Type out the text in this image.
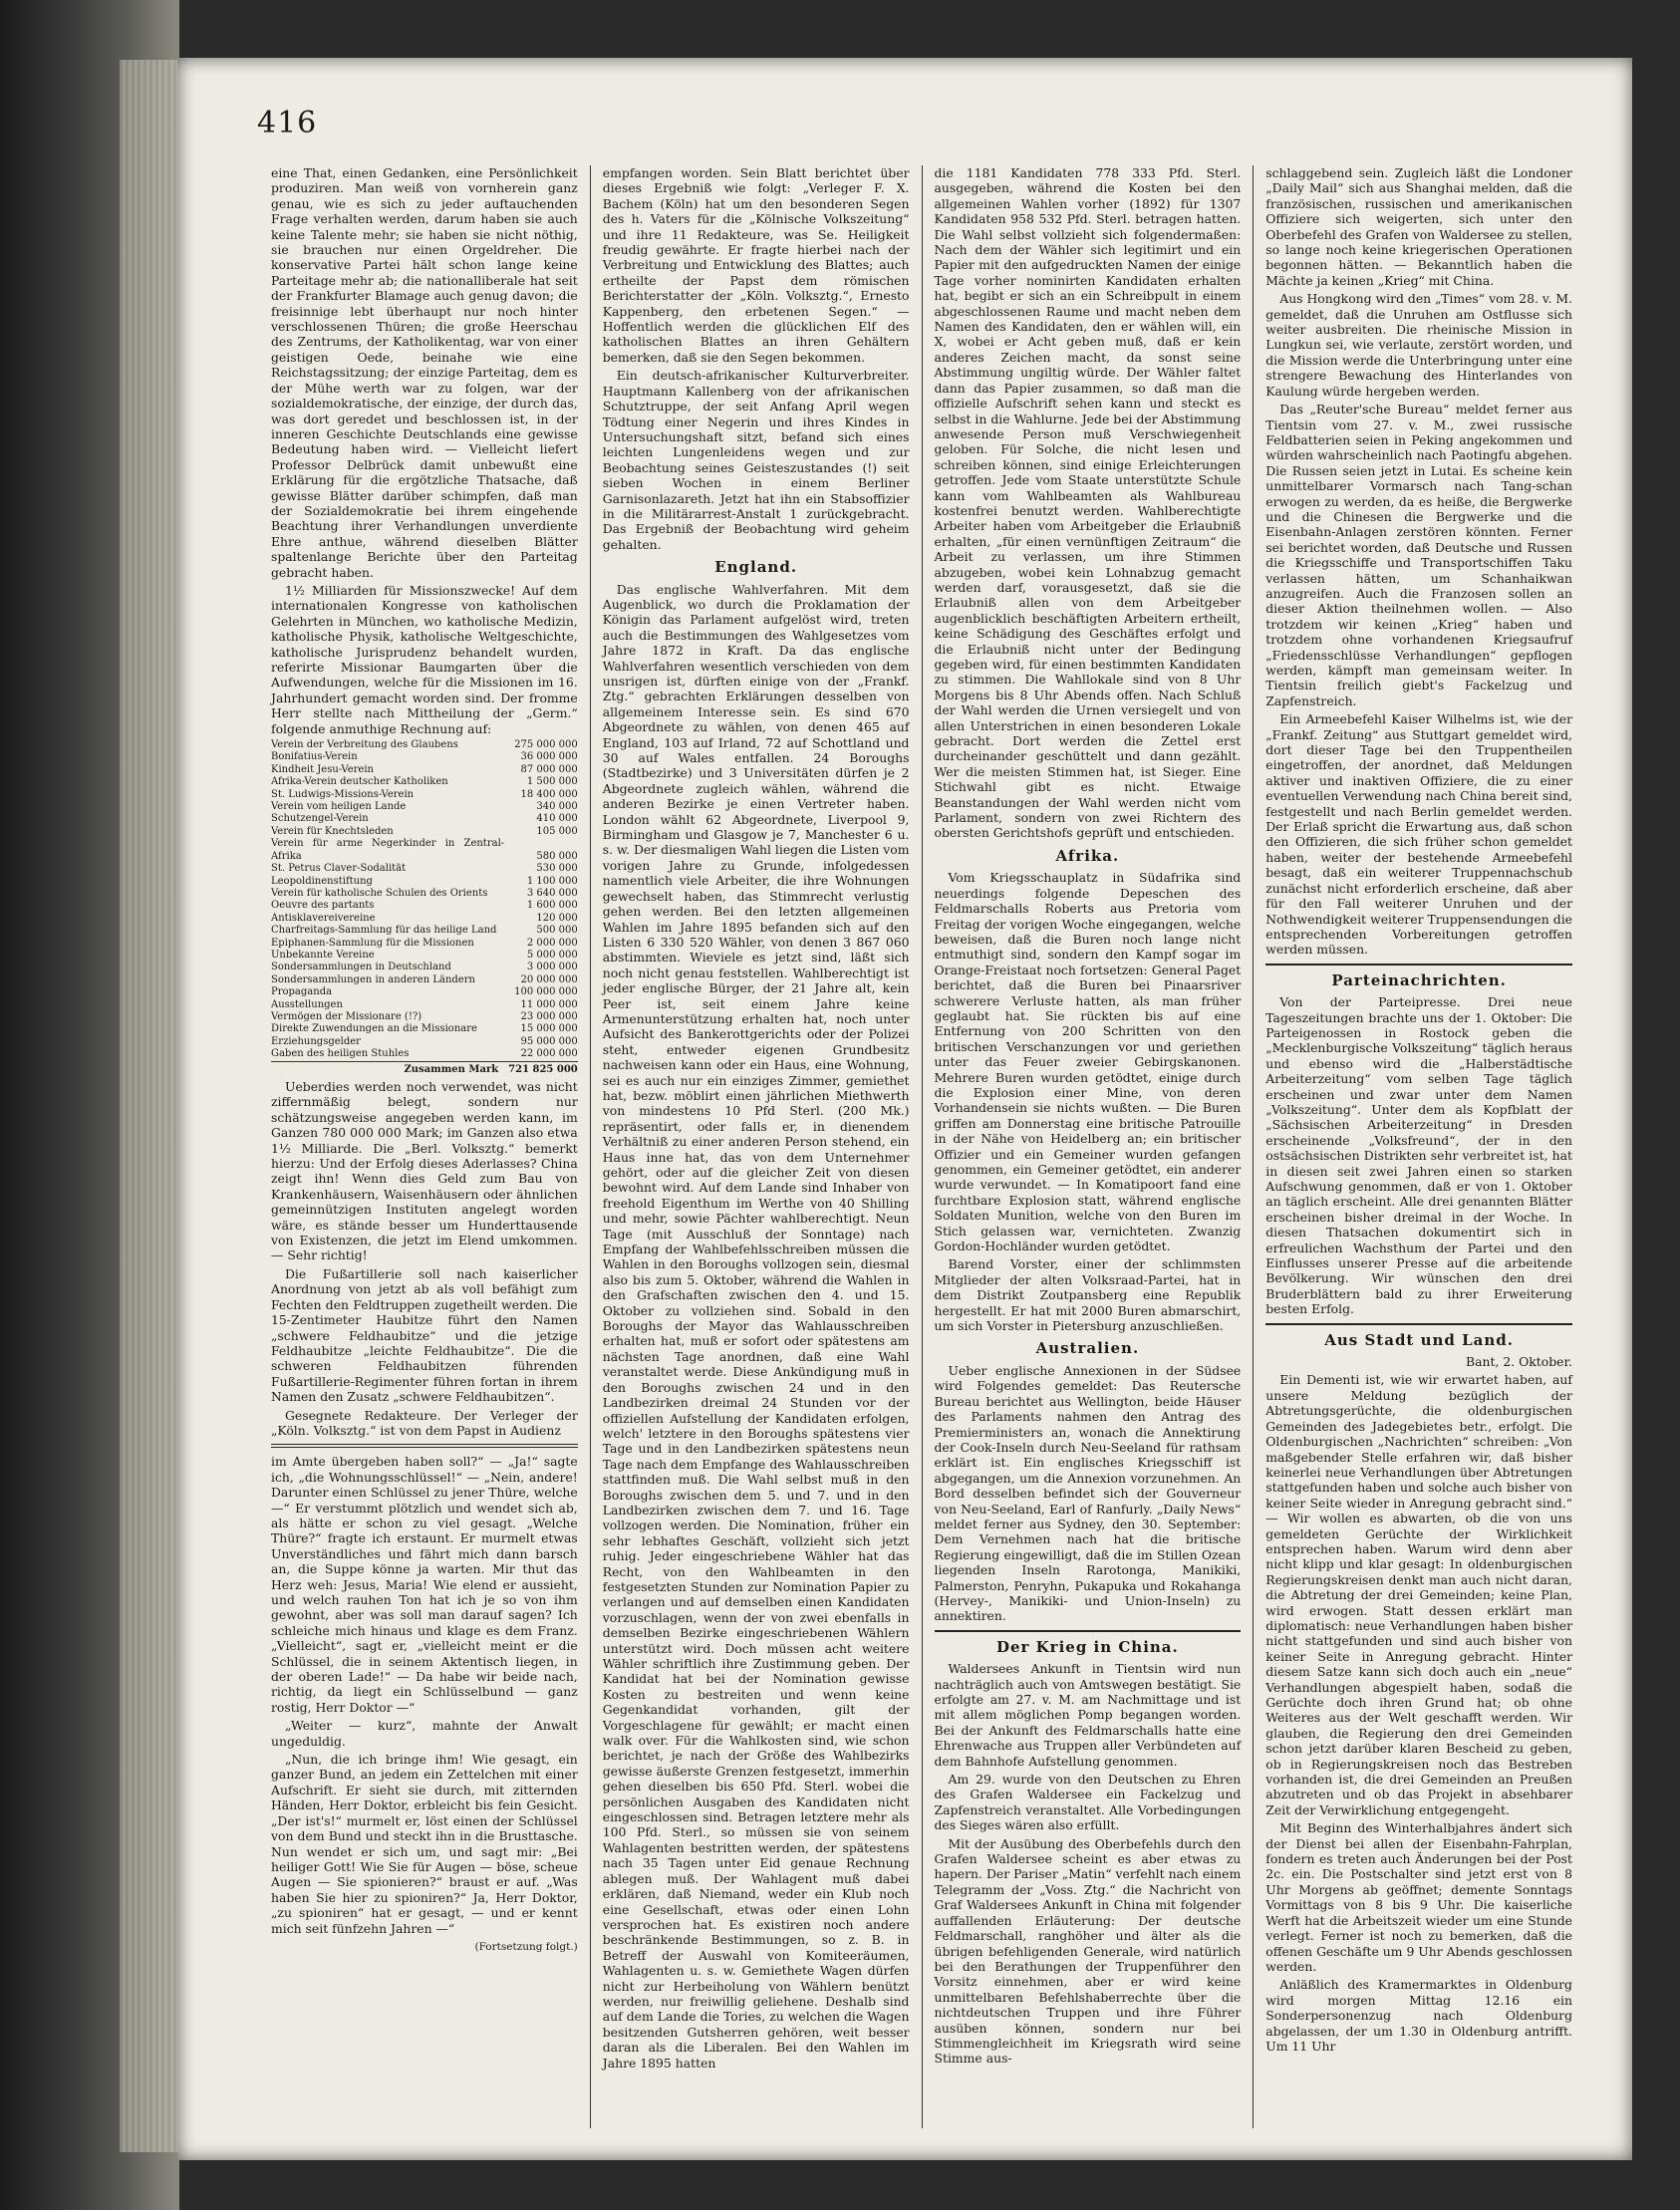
416

eine That, einen Gedanken, eine Persönlichkeit produziren. Man weiß von vornherein ganz genau, wie es sich zu jeder auftauchenden Frage verhalten werden, darum haben sie auch keine Talente mehr; sie haben sie nicht nöthig, sie brauchen nur einen Orgeldreher. Die konservative Partei hält schon lange keine Parteitage mehr ab; die nationalliberale hat seit der Frankfurter Blamage auch genug davon; die freisinnige lebt überhaupt nur noch hinter verschlossenen Thüren; die große Heerschau des Zentrums, der Katholikentag, war von einer geistigen Oede, beinahe wie eine Reichstagssitzung; der einzige Parteitag, dem es der Mühe werth war zu folgen, war der sozialdemokratische, der einzige, der durch das, was dort geredet und beschlossen ist, in der inneren Geschichte Deutschlands eine gewisse Bedeutung haben wird. — Vielleicht liefert Professor Delbrück damit unbewußt eine Erklärung für die ergötzliche Thatsache, daß gewisse Blätter darüber schimpfen, daß man der Sozialdemokratie bei ihrem eingehende Beachtung ihrer Verhandlungen unverdiente Ehre anthue, während dieselben Blätter spaltenlange Berichte über den Parteitag gebracht haben.

1½ Milliarden für Missionszwecke! Auf dem internationalen Kongresse von katholischen Gelehrten in München, wo katholische Medizin, katholische Physik, katholische Weltgeschichte, katholische Jurisprudenz behandelt wurden, referirte Missionar Baumgarten über die Aufwendungen, welche für die Missionen im 16. Jahrhundert gemacht worden sind. Der fromme Herr stellte nach Mittheilung der „Germ.“ folgende anmuthige Rechnung auf:

Verein der Verbreitung des Glaubens	275 000 000
Bonifatius-Verein	36 000 000
Kindheit Jesu-Verein	87 000 000
Afrika-Verein deutscher Katholiken	1 500 000
St. Ludwigs-Missions-Verein	18 400 000
Verein vom heiligen Lande	340 000
Schutzengel-Verein	410 000
Verein für Knechtsleden	105 000
Verein für arme Negerkinder in Zentral-Afrika	580 000
St. Petrus Claver-Sodalität	530 000
Leopoldinenstiftung	1 100 000
Verein für katholische Schulen des Orients	3 640 000
Oeuvre des partants	1 600 000
Antisklavereivereine	120 000
Charfreitags-Sammlung für das heilige Land	500 000
Epiphanen-Sammlung für die Missionen	2 000 000
Unbekannte Vereine	5 000 000
Sondersammlungen in Deutschland	3 000 000
Sondersammlungen in anderen Ländern	20 000 000
Propaganda	100 000 000
Ausstellungen	11 000 000
Vermögen der Missionare (!?)	23 000 000
Direkte Zuwendungen an die Missionare	15 000 000
Erziehungsgelder	95 000 000
Gaben des heiligen Stuhles	22 000 000
Zusammen Mark	721 825 000

Ueberdies werden noch verwendet, was nicht ziffernmäßig belegt, sondern nur schätzungsweise angegeben werden kann, im Ganzen 780 000 000 Mark; im Ganzen also etwa 1½ Milliarde. Die „Berl. Volksztg.“ bemerkt hierzu: Und der Erfolg dieses Aderlasses? China zeigt ihn! Wenn dies Geld zum Bau von Krankenhäusern, Waisenhäusern oder ähnlichen gemeinnützigen Instituten angelegt worden wäre, es stände besser um Hunderttausende von Existenzen, die jetzt im Elend umkommen. — Sehr richtig!

Die Fußartillerie soll nach kaiserlicher Anordnung von jetzt ab als voll befähigt zum Fechten den Feldtruppen zugetheilt werden. Die 15-Zentimeter Haubitze führt den Namen „schwere Feldhaubitze“ und die jetzige Feldhaubitze „leichte Feldhaubitze“. Die die schweren Feldhaubitzen führenden Fußartillerie-Regimenter führen fortan in ihrem Namen den Zusatz „schwere Feldhaubitzen“.

Gesegnete Redakteure. Der Verleger der „Köln. Volksztg.“ ist von dem Papst in Audienz

im Amte übergeben haben soll?“ — „Ja!“ sagte ich, „die Wohnungsschlüssel!“ — „Nein, andere! Darunter einen Schlüssel zu jener Thüre, welche —“ Er verstummt plötzlich und wendet sich ab, als hätte er schon zu viel gesagt. „Welche Thüre?“ fragte ich erstaunt. Er murmelt etwas Unverständliches und fährt mich dann barsch an, die Suppe könne ja warten. Mir thut das Herz weh: Jesus, Maria! Wie elend er aussieht, und welch rauhen Ton hat ich je so von ihm gewohnt, aber was soll man darauf sagen? Ich schleiche mich hinaus und klage es dem Franz. „Vielleicht“, sagt er, „vielleicht meint er die Schlüssel, die in seinem Aktentisch liegen, in der oberen Lade!“ — Da habe wir beide nach, richtig, da liegt ein Schlüsselbund — ganz rostig, Herr Doktor —“

„Weiter — kurz“, mahnte der Anwalt ungeduldig.

„Nun, die ich bringe ihm! Wie gesagt, ein ganzer Bund, an jedem ein Zettelchen mit einer Aufschrift. Er sieht sie durch, mit zitternden Händen, Herr Doktor, erbleicht bis fein Gesicht. „Der ist's!“ murmelt er, löst einen der Schlüssel von dem Bund und steckt ihn in die Brusttasche. Nun wendet er sich um, und sagt mir: „Bei heiliger Gott! Wie Sie für Augen — böse, scheue Augen — Sie spionieren?“ braust er auf. „Was haben Sie hier zu spioniren?“ Ja, Herr Doktor, „zu spioniren“ hat er gesagt, — und er kennt mich seit fünfzehn Jahren —“

(Fortsetzung folgt.)

empfangen worden. Sein Blatt berichtet über dieses Ergebniß wie folgt: „Verleger F. X. Bachem (Köln) hat um den besonderen Segen des h. Vaters für die „Kölnische Volkszeitung“ und ihre 11 Redakteure, was Se. Heiligkeit freudig gewährte. Er fragte hierbei nach der Verbreitung und Entwicklung des Blattes; auch ertheilte der Papst dem römischen Berichterstatter der „Köln. Volksztg.“, Ernesto Kappenberg, den erbetenen Segen.“ — Hoffentlich werden die glücklichen Elf des katholischen Blattes an ihren Gehältern bemerken, daß sie den Segen bekommen.

Ein deutsch-afrikanischer Kulturverbreiter. Hauptmann Kallenberg von der afrikanischen Schutztruppe, der seit Anfang April wegen Tödtung einer Negerin und ihres Kindes in Untersuchungshaft sitzt, befand sich eines leichten Lungenleidens wegen und zur Beobachtung seines Geisteszustandes (!) seit sieben Wochen in einem Berliner Garnisonlazareth. Jetzt hat ihn ein Stabsoffizier in die Militärarrest-Anstalt 1 zurückgebracht. Das Ergebniß der Beobachtung wird geheim gehalten.

England.

Das englische Wahlverfahren. Mit dem Augenblick, wo durch die Proklamation der Königin das Parlament aufgelöst wird, treten auch die Bestimmungen des Wahlgesetzes vom Jahre 1872 in Kraft. Da das englische Wahlverfahren wesentlich verschieden von dem unsrigen ist, dürften einige von der „Frankf. Ztg.“ gebrachten Erklärungen desselben von allgemeinem Interesse sein. Es sind 670 Abgeordnete zu wählen, von denen 465 auf England, 103 auf Irland, 72 auf Schottland und 30 auf Wales entfallen. 24 Boroughs (Stadtbezirke) und 3 Universitäten dürfen je 2 Abgeordnete zugleich wählen, während die anderen Bezirke je einen Vertreter haben. London wählt 62 Abgeordnete, Liverpool 9, Birmingham und Glasgow je 7, Manchester 6 u. s. w. Der diesmaligen Wahl liegen die Listen vom vorigen Jahre zu Grunde, infolgedessen namentlich viele Arbeiter, die ihre Wohnungen gewechselt haben, das Stimmrecht verlustig gehen werden. Bei den letzten allgemeinen Wahlen im Jahre 1895 befanden sich auf den Listen 6 330 520 Wähler, von denen 3 867 060 abstimmten. Wieviele es jetzt sind, läßt sich noch nicht genau feststellen. Wahlberechtigt ist jeder englische Bürger, der 21 Jahre alt, kein Peer ist, seit einem Jahre keine Armenunterstützung erhalten hat, noch unter Aufsicht des Bankerottgerichts oder der Polizei steht, entweder eigenen Grundbesitz nachweisen kann oder ein Haus, eine Wohnung, sei es auch nur ein einziges Zimmer, gemiethet hat, bezw. möblirt einen jährlichen Miethwerth von mindestens 10 Pfd Sterl. (200 Mk.) repräsentirt, oder falls er, in dienendem Verhältniß zu einer anderen Person stehend, ein Haus inne hat, das von dem Unternehmer gehört, oder auf die gleicher Zeit von diesen bewohnt wird. Auf dem Lande sind Inhaber von freehold Eigenthum im Werthe von 40 Shilling und mehr, sowie Pächter wahlberechtigt. Neun Tage (mit Ausschluß der Sonntage) nach Empfang der Wahlbefehlsschreiben müssen die Wahlen in den Boroughs vollzogen sein, diesmal also bis zum 5. Oktober, während die Wahlen in den Grafschaften zwischen den 4. und 15. Oktober zu vollziehen sind. Sobald in den Boroughs der Mayor das Wahlausschreiben erhalten hat, muß er sofort oder spätestens am nächsten Tage anordnen, daß eine Wahl veranstaltet werde. Diese Ankündigung muß in den Boroughs zwischen 24 und in den Landbezirken dreimal 24 Stunden vor der offiziellen Aufstellung der Kandidaten erfolgen, welch' letztere in den Boroughs spätestens vier Tage und in den Landbezirken spätestens neun Tage nach dem Empfange des Wahlausschreiben stattfinden muß. Die Wahl selbst muß in den Boroughs zwischen dem 5. und 7. und in den Landbezirken zwischen dem 7. und 16. Tage vollzogen werden. Die Nomination, früher ein sehr lebhaftes Geschäft, vollzieht sich jetzt ruhig. Jeder eingeschriebene Wähler hat das Recht, von den Wahlbeamten in den festgesetzten Stunden zur Nomination Papier zu verlangen und auf demselben einen Kandidaten vorzuschlagen, wenn der von zwei ebenfalls in demselben Bezirke eingeschriebenen Wählern unterstützt wird. Doch müssen acht weitere Wähler schriftlich ihre Zustimmung geben. Der Kandidat hat bei der Nomination gewisse Kosten zu bestreiten und wenn keine Gegenkandidat vorhanden, gilt der Vorgeschlagene für gewählt; er macht einen walk over. Für die Wahlkosten sind, wie schon berichtet, je nach der Größe des Wahlbezirks gewisse äußerste Grenzen festgesetzt, immerhin gehen dieselben bis 650 Pfd. Sterl. wobei die persönlichen Ausgaben des Kandidaten nicht eingeschlossen sind. Betragen letztere mehr als 100 Pfd. Sterl., so müssen sie von seinem Wahlagenten bestritten werden, der spätestens nach 35 Tagen unter Eid genaue Rechnung ablegen muß. Der Wahlagent muß dabei erklären, daß Niemand, weder ein Klub noch eine Gesellschaft, etwas oder einen Lohn versprochen hat. Es existiren noch andere beschränkende Bestimmungen, so z. B. in Betreff der Auswahl von Komiteeräumen, Wahlagenten u. s. w. Gemiethete Wagen dürfen nicht zur Herbeiholung von Wählern benützt werden, nur freiwillig geliehene. Deshalb sind auf dem Lande die Tories, zu welchen die Wagen besitzenden Gutsherren gehören, weit besser daran als die Liberalen. Bei den Wahlen im Jahre 1895 hatten

die 1181 Kandidaten 778 333 Pfd. Sterl. ausgegeben, während die Kosten bei den allgemeinen Wahlen vorher (1892) für 1307 Kandidaten 958 532 Pfd. Sterl. betragen hatten. Die Wahl selbst vollzieht sich folgendermaßen: Nach dem der Wähler sich legitimirt und ein Papier mit den aufgedruckten Namen der einige Tage vorher nominirten Kandidaten erhalten hat, begibt er sich an ein Schreibpult in einem abgeschlossenen Raume und macht neben dem Namen des Kandidaten, den er wählen will, ein X, wobei er Acht geben muß, daß er kein anderes Zeichen macht, da sonst seine Abstimmung ungiltig würde. Der Wähler faltet dann das Papier zusammen, so daß man die offizielle Aufschrift sehen kann und steckt es selbst in die Wahlurne. Jede bei der Abstimmung anwesende Person muß Verschwiegenheit geloben. Für Solche, die nicht lesen und schreiben können, sind einige Erleichterungen getroffen. Jede vom Staate unterstützte Schule kann vom Wahlbeamten als Wahlbureau kostenfrei benutzt werden. Wahlberechtigte Arbeiter haben vom Arbeitgeber die Erlaubniß erhalten, „für einen vernünftigen Zeitraum“ die Arbeit zu verlassen, um ihre Stimmen abzugeben, wobei kein Lohnabzug gemacht werden darf, vorausgesetzt, daß sie die Erlaubniß allen von dem Arbeitgeber augenblicklich beschäftigten Arbeitern ertheilt, keine Schädigung des Geschäftes erfolgt und die Erlaubniß nicht unter der Bedingung gegeben wird, für einen bestimmten Kandidaten zu stimmen. Die Wahllokale sind von 8 Uhr Morgens bis 8 Uhr Abends offen. Nach Schluß der Wahl werden die Urnen versiegelt und von allen Unterstrichen in einen besonderen Lokale gebracht. Dort werden die Zettel erst durcheinander geschüttelt und dann gezählt. Wer die meisten Stimmen hat, ist Sieger. Eine Stichwahl gibt es nicht. Etwaige Beanstandungen der Wahl werden nicht vom Parlament, sondern von zwei Richtern des obersten Gerichtshofs geprüft und entschieden.

Afrika.

Vom Kriegsschauplatz in Südafrika sind neuerdings folgende Depeschen des Feldmarschalls Roberts aus Pretoria vom Freitag der vorigen Woche eingegangen, welche beweisen, daß die Buren noch lange nicht entmuthigt sind, sondern den Kampf sogar im Orange-Freistaat noch fortsetzen: General Paget berichtet, daß die Buren bei Pinaarsriver schwerere Verluste hatten, als man früher geglaubt hat. Sie rückten bis auf eine Entfernung von 200 Schritten von den britischen Verschanzungen vor und geriethen unter das Feuer zweier Gebirgskanonen. Mehrere Buren wurden getödtet, einige durch die Explosion einer Mine, von deren Vorhandensein sie nichts wußten. — Die Buren griffen am Donnerstag eine britische Patrouille in der Nähe von Heidelberg an; ein britischer Offizier und ein Gemeiner wurden gefangen genommen, ein Gemeiner getödtet, ein anderer wurde verwundet. — In Komatipoort fand eine furchtbare Explosion statt, während englische Soldaten Munition, welche von den Buren im Stich gelassen war, vernichteten. Zwanzig Gordon-Hochländer wurden getödtet.

Barend Vorster, einer der schlimmsten Mitglieder der alten Volksraad-Partei, hat in dem Distrikt Zoutpansberg eine Republik hergestellt. Er hat mit 2000 Buren abmarschirt, um sich Vorster in Pietersburg anzuschließen.

Australien.

Ueber englische Annexionen in der Südsee wird Folgendes gemeldet: Das Reutersche Bureau berichtet aus Wellington, beide Häuser des Parlaments nahmen den Antrag des Premierministers an, wonach die Annektirung der Cook-Inseln durch Neu-Seeland für rathsam erklärt ist. Ein englisches Kriegsschiff ist abgegangen, um die Annexion vorzunehmen. An Bord desselben befindet sich der Gouverneur von Neu-Seeland, Earl of Ranfurly. „Daily News“ meldet ferner aus Sydney, den 30. September: Dem Vernehmen nach hat die britische Regierung eingewilligt, daß die im Stillen Ozean liegenden Inseln Rarotonga, Manikiki, Palmerston, Penryhn, Pukapuka und Rokahanga (Hervey-, Manikiki- und Union-Inseln) zu annektiren.

Der Krieg in China.

Waldersees Ankunft in Tientsin wird nun nachträglich auch von Amtswegen bestätigt. Sie erfolgte am 27. v. M. am Nachmittage und ist mit allem möglichen Pomp begangen worden. Bei der Ankunft des Feldmarschalls hatte eine Ehrenwache aus Truppen aller Verbündeten auf dem Bahnhofe Aufstellung genommen.

Am 29. wurde von den Deutschen zu Ehren des Grafen Waldersee ein Fackelzug und Zapfenstreich veranstaltet. Alle Vorbedingungen des Sieges wären also erfüllt.

Mit der Ausübung des Oberbefehls durch den Grafen Waldersee scheint es aber etwas zu hapern. Der Pariser „Matin“ verfehlt nach einem Telegramm der „Voss. Ztg.“ die Nachricht von Graf Waldersees Ankunft in China mit folgender auffallenden Erläuterung: Der deutsche Feldmarschall, ranghöher und älter als die übrigen befehligenden Generale, wird natürlich bei den Berathungen der Truppenführer den Vorsitz einnehmen, aber er wird keine unmittelbaren Befehlshaberrechte über die nichtdeutschen Truppen und ihre Führer ausüben können, sondern nur bei Stimmengleichheit im Kriegsrath wird seine Stimme aus-

schlaggebend sein. Zugleich läßt die Londoner „Daily Mail“ sich aus Shanghai melden, daß die französischen, russischen und amerikanischen Offiziere sich weigerten, sich unter den Oberbefehl des Grafen von Waldersee zu stellen, so lange noch keine kriegerischen Operationen begonnen hätten. — Bekanntlich haben die Mächte ja keinen „Krieg“ mit China.

Aus Hongkong wird den „Times“ vom 28. v. M. gemeldet, daß die Unruhen am Ostflusse sich weiter ausbreiten. Die rheinische Mission in Lungkun sei, wie verlaute, zerstört worden, und die Mission werde die Unterbringung unter eine strengere Bewachung des Hinterlandes von Kaulung würde hergeben werden.

Das „Reuter'sche Bureau“ meldet ferner aus Tientsin vom 27. v. M., zwei russische Feldbatterien seien in Peking angekommen und würden wahrscheinlich nach Paotingfu abgehen. Die Russen seien jetzt in Lutai. Es scheine kein unmittelbarer Vormarsch nach Tang-schan erwogen zu werden, da es heiße, die Bergwerke und die Chinesen die Bergwerke und die Eisenbahn-Anlagen zerstören könnten. Ferner sei berichtet worden, daß Deutsche und Russen die Kriegsschiffe und Transportschiffen Taku verlassen hätten, um Schanhaikwan anzugreifen. Auch die Franzosen sollen an dieser Aktion theilnehmen wollen. — Also trotzdem wir keinen „Krieg“ haben und trotzdem ohne vorhandenen Kriegsaufruf „Friedensschlüsse Verhandlungen“ gepflogen werden, kämpft man gemeinsam weiter. In Tientsin freilich giebt's Fackelzug und Zapfenstreich.

Ein Armeebefehl Kaiser Wilhelms ist, wie der „Frankf. Zeitung“ aus Stuttgart gemeldet wird, dort dieser Tage bei den Truppentheilen eingetroffen, der anordnet, daß Meldungen aktiver und inaktiven Offiziere, die zu einer eventuellen Verwendung nach China bereit sind, festgestellt und nach Berlin gemeldet werden. Der Erlaß spricht die Erwartung aus, daß schon den Offizieren, die sich früher schon gemeldet haben, weiter der bestehende Armeebefehl besagt, daß ein weiterer Truppennachschub zunächst nicht erforderlich erscheine, daß aber für den Fall weiterer Unruhen und der Nothwendigkeit weiterer Truppensendungen die entsprechenden Vorbereitungen getroffen werden müssen.

Parteinachrichten.

Von der Parteipresse. Drei neue Tageszeitungen brachte uns der 1. Oktober: Die Parteigenossen in Rostock geben die „Mecklenburgische Volkszeitung“ täglich heraus und ebenso wird die „Halberstädtische Arbeiterzeitung“ vom selben Tage täglich erscheinen und zwar unter dem Namen „Volkszeitung“. Unter dem als Kopfblatt der „Sächsischen Arbeiterzeitung“ in Dresden erscheinende „Volksfreund“, der in den ostsächsischen Distrikten sehr verbreitet ist, hat in diesen seit zwei Jahren einen so starken Aufschwung genommen, daß er von 1. Oktober an täglich erscheint. Alle drei genannten Blätter erscheinen bisher dreimal in der Woche. In diesen Thatsachen dokumentirt sich in erfreulichen Wachsthum der Partei und den Einflusses unserer Presse auf die arbeitende Bevölkerung. Wir wünschen den drei Bruderblättern bald zu ihrer Erweiterung besten Erfolg.

Aus Stadt und Land.
Bant, 2. Oktober.

Ein Dementi ist, wie wir erwartet haben, auf unsere Meldung bezüglich der Abtretungsgerüchte, die oldenburgischen Gemeinden des Jadegebietes betr., erfolgt. Die Oldenburgischen „Nachrichten“ schreiben: „Von maßgebender Stelle erfahren wir, daß bisher keinerlei neue Verhandlungen über Abtretungen stattgefunden haben und solche auch bisher von keiner Seite wieder in Anregung gebracht sind.“ — Wir wollen es abwarten, ob die von uns gemeldeten Gerüchte der Wirklichkeit entsprechen haben. Warum wird denn aber nicht klipp und klar gesagt: In oldenburgischen Regierungskreisen denkt man auch nicht daran, die Abtretung der drei Gemeinden; keine Plan, wird erwogen. Statt dessen erklärt man diplomatisch: neue Verhandlungen haben bisher nicht stattgefunden und sind auch bisher von keiner Seite in Anregung gebracht. Hinter diesem Satze kann sich doch auch ein „neue“ Verhandlungen abgespielt haben, sodaß die Gerüchte doch ihren Grund hat; ob ohne Weiteres aus der Welt geschafft werden. Wir glauben, die Regierung den drei Gemeinden schon jetzt darüber klaren Bescheid zu geben, ob in Regierungskreisen noch das Bestreben vorhanden ist, die drei Gemeinden an Preußen abzutreten und ob das Projekt in absehbarer Zeit der Verwirklichung entgegengeht.

Mit Beginn des Winterhalbjahres ändert sich der Dienst bei allen der Eisenbahn-Fahrplan, fondern es treten auch Änderungen bei der Post 2c. ein. Die Postschalter sind jetzt erst von 8 Uhr Morgens ab geöffnet; demente Sonntags Vormittags von 8 bis 9 Uhr. Die kaiserliche Werft hat die Arbeitszeit wieder um eine Stunde verlegt. Ferner ist noch zu bemerken, daß die offenen Geschäfte um 9 Uhr Abends geschlossen werden.

Anläßlich des Kramermarktes in Oldenburg wird morgen Mittag 12.16 ein Sonderpersonenzug nach Oldenburg abgelassen, der um 1.30 in Oldenburg antrifft. Um 11 Uhr
